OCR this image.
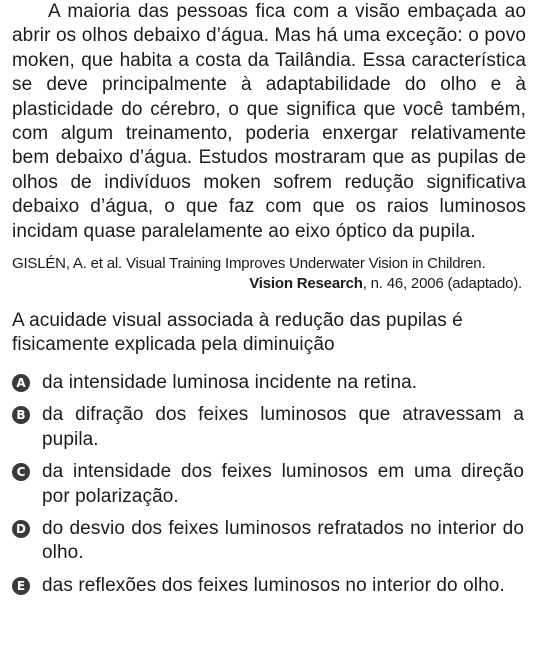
A maioria das pessoas fica com a visão embaçada ao abrir os olhos debaixo d’água. Mas há uma exceção: o povo moken, que habita a costa da Tailândia. Essa característica se deve principalmente à adaptabilidade do olho e à plasticidade do cérebro, o que significa que você também, com algum treinamento, poderia enxergar relativamente bem debaixo d’água. Estudos mostraram que as pupilas de olhos de indivíduos moken sofrem redução significativa debaixo d’água, o que faz com que os raios luminosos incidam quase paralelamente ao eixo óptico da pupila.

GISLÉN, A. et al. Visual Training Improves Underwater Vision in Children.
Vision Research, n. 46, 2006 (adaptado).
A acuidade visual associada à redução das pupilas é fisicamente explicada pela diminuição
A da intensidade luminosa incidente na retina.
B da difração dos feixes luminosos que atravessam a pupila.
C da intensidade dos feixes luminosos em uma direção por polarização.
D do desvio dos feixes luminosos refratados no interior do olho.
E das reflexões dos feixes luminosos no interior do olho.
